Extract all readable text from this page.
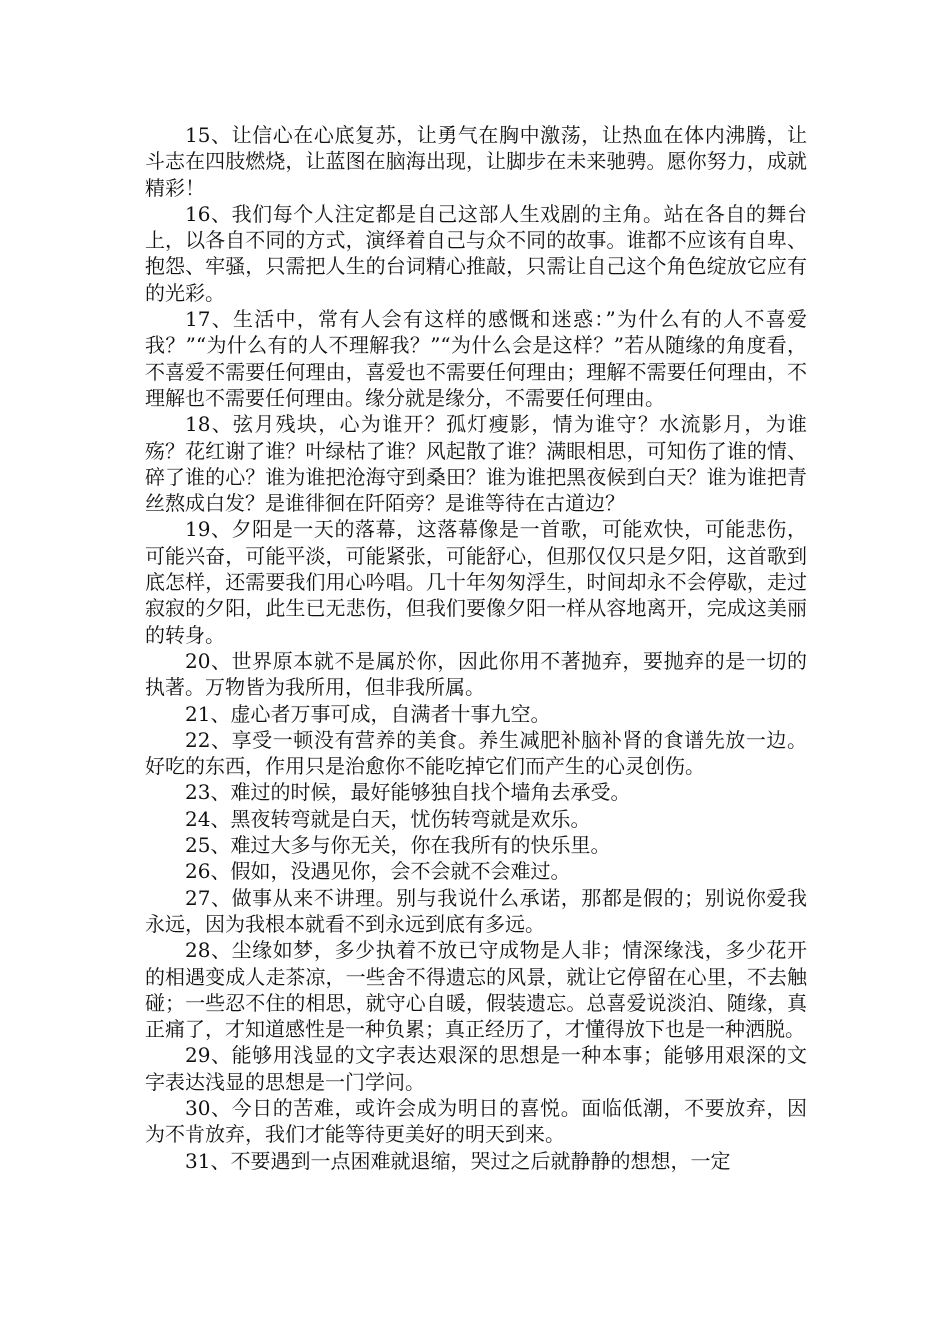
15、让信心在心底复苏，让勇气在胸中激荡，让热血在体内沸腾，让斗志在四肢燃烧，让蓝图在脑海出现，让脚步在未来驰骋。愿你努力，成就精彩！

16、我们每个人注定都是自己这部人生戏剧的主角。站在各自的舞台上，以各自不同的方式，演绎着自己与众不同的故事。谁都不应该有自卑、抱怨、牢骚，只需把人生的台词精心推敲，只需让自己这个角色绽放它应有的光彩。

17、生活中，常有人会有这样的感慨和迷惑：”为什么有的人不喜爱我？”“为什么有的人不理解我？”“为什么会是这样？”若从随缘的角度看，不喜爱不需要任何理由，喜爱也不需要任何理由；理解不需要任何理由，不理解也不需要任何理由。缘分就是缘分，不需要任何理由。

18、弦月残块，心为谁开？孤灯瘦影，情为谁守？水流影月，为谁殇？花红谢了谁？叶绿枯了谁？风起散了谁？满眼相思，可知伤了谁的情、碎了谁的心？谁为谁把沧海守到桑田？谁为谁把黑夜候到白天？谁为谁把青丝熬成白发？是谁徘徊在阡陌旁？是谁等待在古道边？

19、夕阳是一天的落幕，这落幕像是一首歌，可能欢快，可能悲伤，可能兴奋，可能平淡，可能紧张，可能舒心，但那仅仅只是夕阳，这首歌到底怎样，还需要我们用心吟唱。几十年匆匆浮生，时间却永不会停歇，走过寂寂的夕阳，此生已无悲伤，但我们要像夕阳一样从容地离开，完成这美丽的转身。

20、世界原本就不是属於你，因此你用不著抛弃，要抛弃的是一切的执著。万物皆为我所用，但非我所属。

21、虚心者万事可成，自满者十事九空。

22、享受一顿没有营养的美食。养生减肥补脑补肾的食谱先放一边。好吃的东西，作用只是治愈你不能吃掉它们而产生的心灵创伤。

23、难过的时候，最好能够独自找个墙角去承受。

24、黑夜转弯就是白天，忧伤转弯就是欢乐。

25、难过大多与你无关，你在我所有的快乐里。

26、假如，没遇见你，会不会就不会难过。

27、做事从来不讲理。别与我说什么承诺，那都是假的；别说你爱我永远，因为我根本就看不到永远到底有多远。

28、尘缘如梦，多少执着不放已守成物是人非；情深缘浅，多少花开的相遇变成人走茶凉，一些舍不得遗忘的风景，就让它停留在心里，不去触碰；一些忍不住的相思，就守心自暖，假装遗忘。总喜爱说淡泊、随缘，真正痛了，才知道感性是一种负累；真正经历了，才懂得放下也是一种洒脱。

29、能够用浅显的文字表达艰深的思想是一种本事；能够用艰深的文字表达浅显的思想是一门学问。

30、今日的苦难，或许会成为明日的喜悦。面临低潮，不要放弃，因为不肯放弃，我们才能等待更美好的明天到来。

31、不要遇到一点困难就退缩，哭过之后就静静的想想，一定
